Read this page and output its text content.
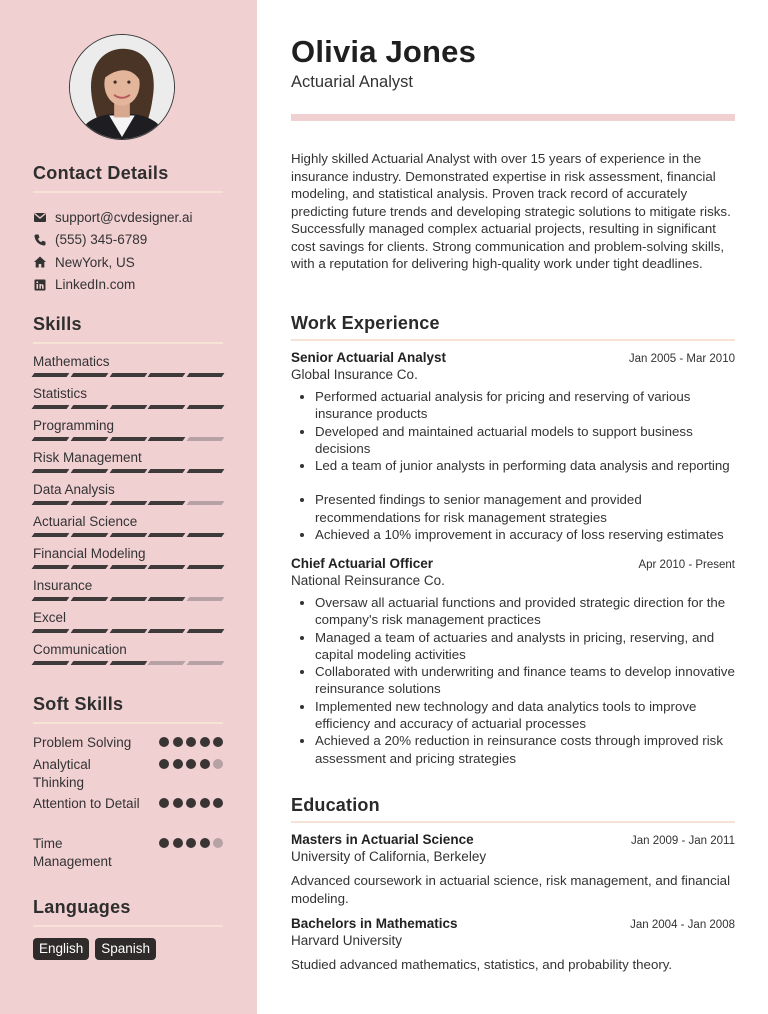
Contact Details
support@cvdesigner.ai
(555) 345-6789
NewYork, US
LinkedIn.com
Skills
Mathematics
Statistics
Programming
Risk Management
Data Analysis
Actuarial Science
Financial Modeling
Insurance
Excel
Communication
Soft Skills
Problem Solving
Analytical Thinking
Attention to Detail
Time Management
Languages
English	Spanish
Olivia Jones
Actuarial Analyst
Highly skilled Actuarial Analyst with over 15 years of experience in the insurance industry. Demonstrated expertise in risk assessment, financial modeling, and statistical analysis. Proven track record of accurately predicting future trends and developing strategic solutions to mitigate risks. Successfully managed complex actuarial projects, resulting in significant cost savings for clients. Strong communication and problem-solving skills, with a reputation for delivering high-quality work under tight deadlines.
Work Experience
Senior Actuarial Analyst	Jan 2005 - Mar 2010
Global Insurance Co.
Performed actuarial analysis for pricing and reserving of various insurance products
Developed and maintained actuarial models to support business decisions
Led a team of junior analysts in performing data analysis and reporting
Presented findings to senior management and provided recommendations for risk management strategies
Achieved a 10% improvement in accuracy of loss reserving estimates
Chief Actuarial Officer	Apr 2010 - Present
National Reinsurance Co.
Oversaw all actuarial functions and provided strategic direction for the company's risk management practices
Managed a team of actuaries and analysts in pricing, reserving, and capital modeling activities
Collaborated with underwriting and finance teams to develop innovative reinsurance solutions
Implemented new technology and data analytics tools to improve efficiency and accuracy of actuarial processes
Achieved a 20% reduction in reinsurance costs through improved risk assessment and pricing strategies
Education
Masters in Actuarial Science	Jan 2009 - Jan 2011
University of California, Berkeley
Advanced coursework in actuarial science, risk management, and financial modeling.
Bachelors in Mathematics	Jan 2004 - Jan 2008
Harvard University
Studied advanced mathematics, statistics, and probability theory.
